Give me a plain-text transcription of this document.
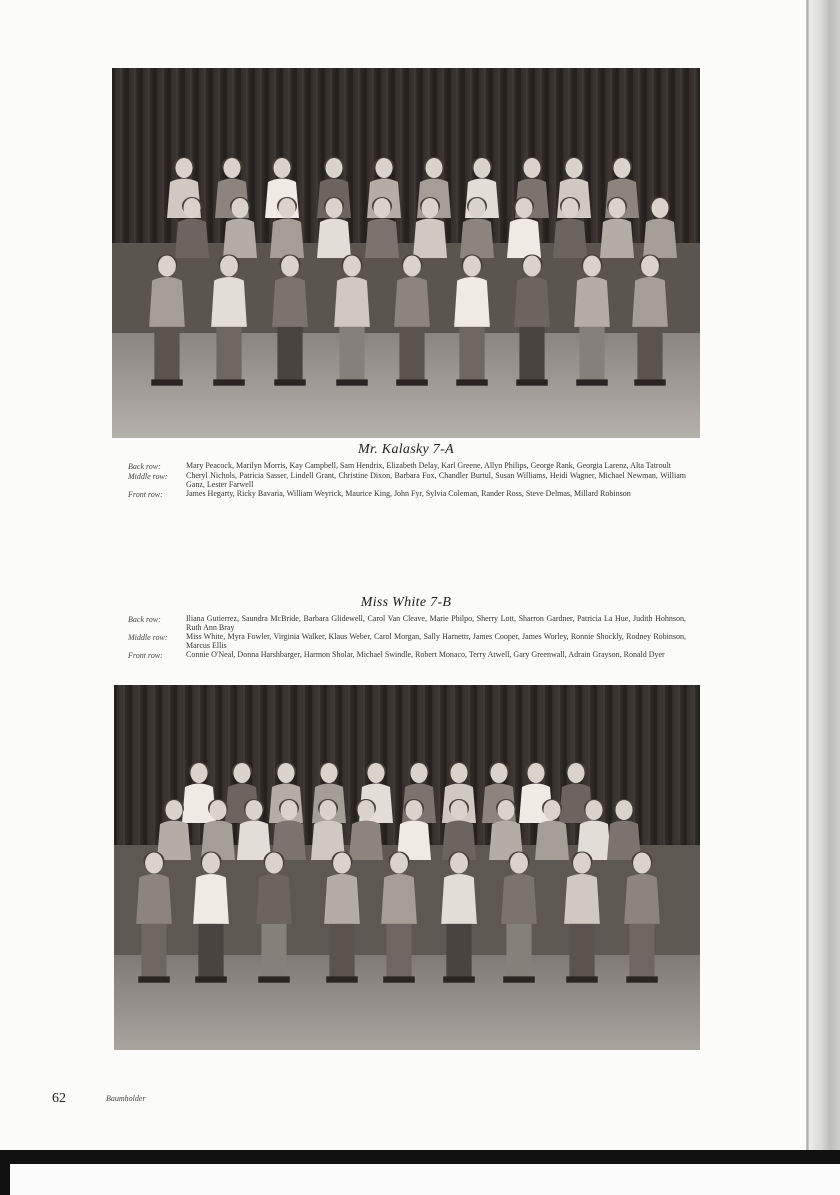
Mr. Kalasky 7-A
Back row:	Mary Peacock, Marilyn Morris, Kay Campbell, Sam Hendrix, Elizabeth Delay, Karl Greene, Allyn Philips, George Rank, Georgia Larenz, Alta Tatroult
Middle row:	Cheryl Nichols, Patricia Sasser, Lindell Grant, Christine Dixon, Barbara Fox, Chandler Burtul, Susan Williams, Heidi Wagner, Michael Newman, William Ganz, Lester Farwell
Front row:	James Hegarty, Ricky Bavaria, William Weyrick, Maurice King, John Fyr, Sylvia Coleman, Rander Ross, Steve Delmas, Millard Robinson
Miss White 7-B
Back row:	Iliana Gutierrez, Saundra McBride, Barbara Glidewell, Carol Van Cleave, Marie Philpo, Sherry Lott, Sharron Gardner, Patricia La Hue, Judith Hohnson, Ruth Ann Bray
Middle row:	Miss White, Myra Fowler, Virginia Walker, Klaus Weber, Carol Morgan, Sally Harnettr, James Cooper, James Worley, Ronnie Shockly, Rodney Robinson, Marcus Ellis
Front row:	Connie O'Neal, Donna Harshbarger, Harmon Sholar, Michael Swindle, Robert Monaco, Terry Atwell, Gary Greenwall, Adrain Grayson, Ronald Dyer
62	Baumholder
